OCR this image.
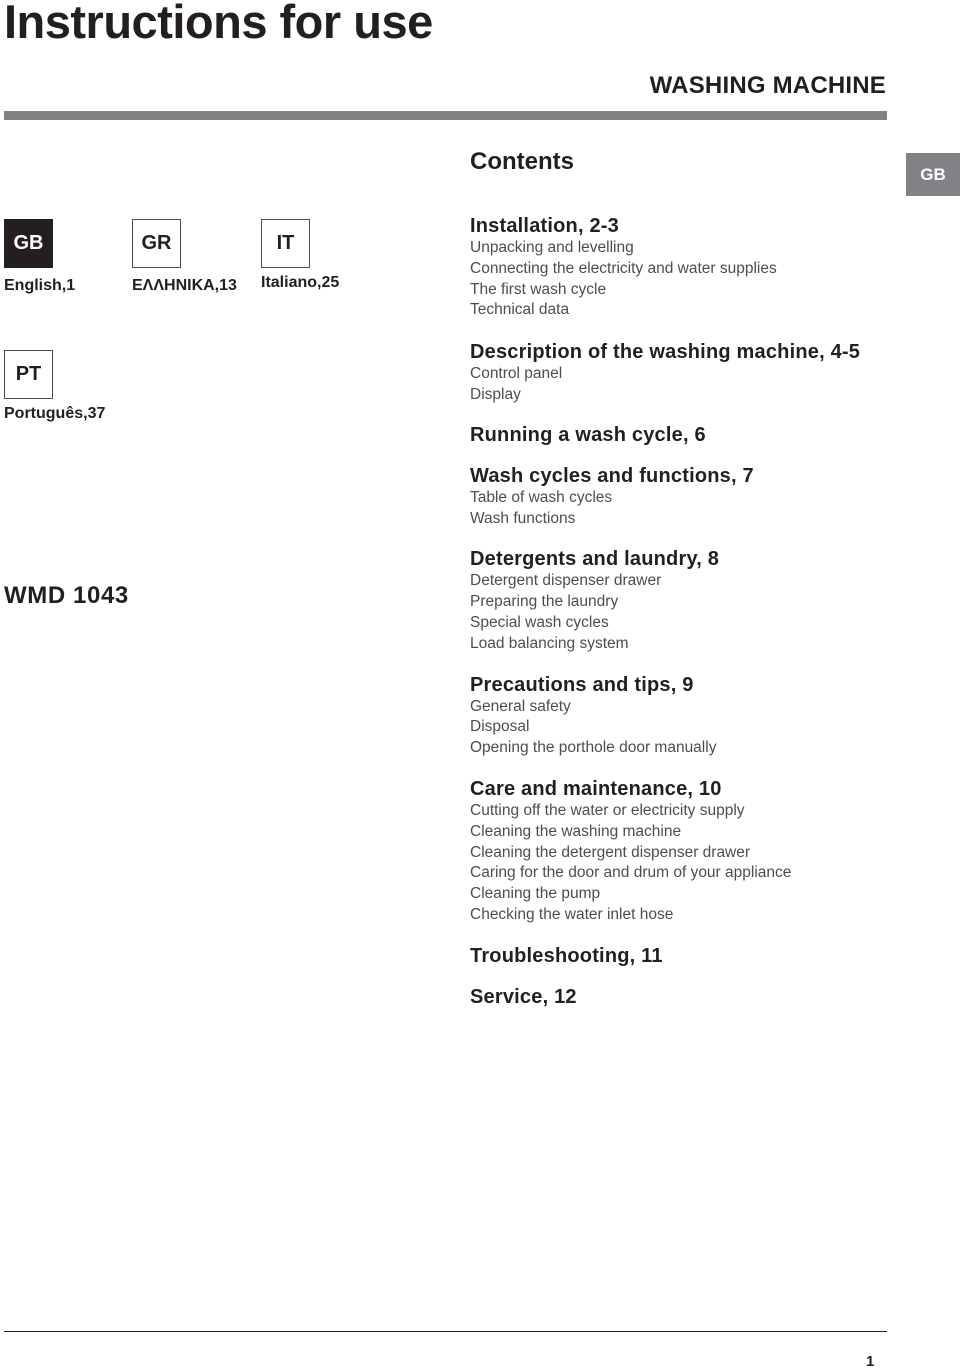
Instructions for use
WASHING MACHINE
Contents	GB
GB
English,1
GR
ΕΛΛΗΝΙΚΑ,13
IT
Italiano,25
PT
Português,37
WMD 1043
Installation, 2-3
Unpacking and levelling
Connecting the electricity and water supplies
The first wash cycle
Technical data
Description of the washing machine, 4-5
Control panel
Display
Running a wash cycle, 6
Wash cycles and functions, 7
Table of wash cycles
Wash functions
Detergents and laundry, 8
Detergent dispenser drawer
Preparing the laundry
Special wash cycles
Load balancing system
Precautions and tips, 9
General safety
Disposal
Opening the porthole door manually
Care and maintenance, 10
Cutting off the water or electricity supply
Cleaning the washing machine
Cleaning the detergent dispenser drawer
Caring for the door and drum of your appliance
Cleaning the pump
Checking the water inlet hose
Troubleshooting, 11
Service, 12
1
